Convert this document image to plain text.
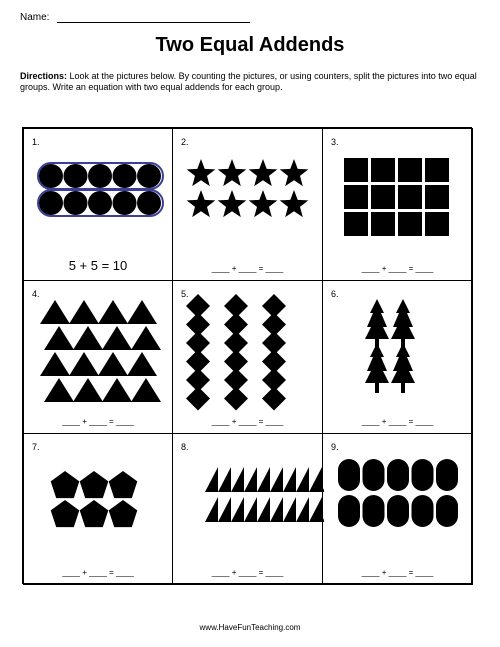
Name:
Two Equal Addends
Directions: Look at the pictures below. By counting the pictures, or using counters, split the pictures into two equal groups. Write an equation with two equal addends for each group.
1.
5 + 5 = 10
2.
____ + ____ = ____
3.
____ + ____ = ____
4.
____ + ____ = ____
5.
____ + ____ = ____
6.
____ + ____ = ____
7.
____ + ____ = ____
8.
____ + ____ = ____
9.
____ + ____ = ____
www.HaveFunTeaching.com
